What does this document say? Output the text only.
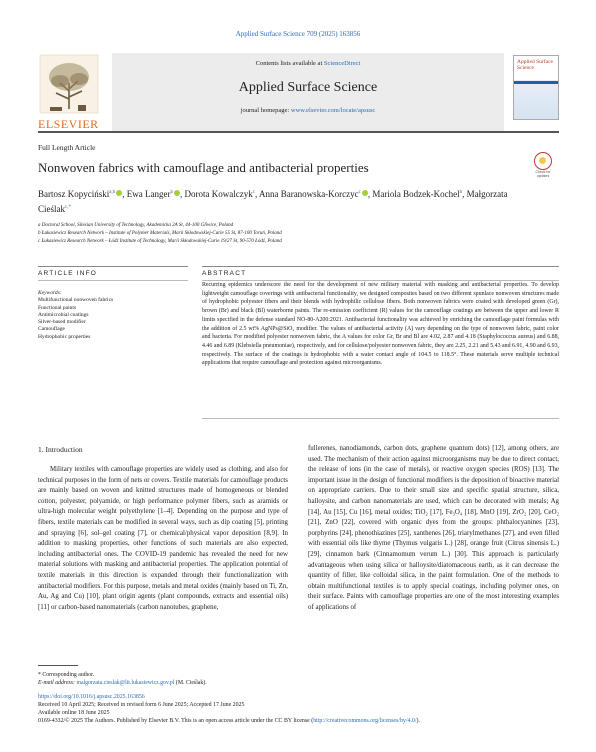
Applied Surface Science 709 (2025) 163856
ELSEVIER
Contents lists available at ScienceDirect
Applied Surface Science
journal homepage: www.elsevier.com/locate/apsusc
Applied Surface Science
Full Length Article
Nonwoven fabrics with camouflage and antibacterial properties	Check for updates
Bartosz Kopyciński$^{a,b}$ , Ewa Langer$^b$ , Dorota Kowalczyk$^c$, Anna Baranowska-Korczyc$^c$ , Mariola Bodzek-Kochel$^b$, Małgorzata Cieślak$^{c,*}$
a Doctoral School, Silesian University of Technology, Akademicka 2A St, 44-100 Gliwice, Poland
b Łukasiewicz Research Network – Institute of Polymer Materials, Marii Skłodowskiej-Curie 55 St, 87-100 Toruń, Poland
c Łukasiewicz Research Network – Łódź Institute of Technology, Marii Skłodowskiej-Curie 19/27 St, 90-570 Łódź, Poland
ARTICLE INFO	ABSTRACT
Keywords:
Multifunctional nonwoven fabrics
Functional paints
Antimicrobial coatings
Silver-based modifier
Camouflage
Hydrophobic properties
Recurring epidemics underscore the need for the development of new military material with masking and antibacterial properties. To develop lightweight camouflage coverings with antibacterial functionality, we designed composites based on two different spunlace nonwoven structures made of hydrophobic polyester fibers and their blends with hydrophilic cellulose fibers. Both nonwoven fabrics were coated with developed green (Gr), brown (Br) and black (Bl) waterborne paints. The re-emission coefficient (R) values for the camouflage coatings are between the upper and lower R limits specified in the defense standard NO-80-A200:2021. Antibacterial functionality was achieved by enriching the camouflage paint formulas with the addition of 2.5 wt% AgNPs@SiO₂ modifier. The values of antibacterial activity (A) vary depending on the type of nonwoven fabric, paint color and bacteria. For modified polyester nonwoven fabric, the A values for color Gr, Br and Bl are 4.02, 2.87 and 4.18 (Staphylococcus aureus) and 6.88, 4.46 and 6.89 (Klebsiella pneumoniae), respectively, and for cellulose/polyester nonwoven fabric, they are 2.25, 2.21 and 5.43 and 6.91, 4.90 and 6.93, respectively. The surface of the coatings is hydrophobic with a water contact angle of 104.5 to 118.5°. These materials serve multiple technical applications that require camouflage and protection against microorganisms.
1. Introduction
Military textiles with camouflage properties are widely used as clothing, and also for technical purposes in the form of nets or covers. Textile materials for camouflage products are mainly based on woven and knitted structures made of homogeneous or blended cotton, polyester, polyamide, or high performance polymer fibers, such as aramids or ultra-high molecular weight polyethylene [1–4]. Depending on the purpose and type of fibers, textile materials can be modified in several ways, such as dip coating [5], printing and spraying [6], sol–gel coating [7], or chemical/physical vapor deposition [8,9]. In addition to masking properties, other functions of such materials are also expected, including antibacterial ones. The COVID-19 pandemic has revealed the need for new material solutions with masking and antibacterial properties. The application potential of textile materials in this direction is expanded through their functionalization with antibacterial modifiers. For this purpose, metals and metal oxides (mainly based on Ti, Zn, Au, Ag and Cu) [10], plant origin agents (plant compounds, extracts and essential oils) [11] or carbon-based nanomaterials (carbon nanotubes, graphene,
fullerenes, nanodiamonds, carbon dots, graphene quantum dots) [12], among others, are used. The mechanism of their action against microorganisms may be due to direct contact, the release of ions (in the case of metals), or reactive oxygen species (ROS) [13]. The important issue in the design of functional modifiers is the deposition of bioactive material on appropriate carriers. Due to their small size and specific spatial structure, silica, halloysite, and carbon nanomaterials are used, which can be decorated with metals; Ag [14], Au [15], Cu [16], metal oxides; TiO₂ [17], Fe₃O₄ [18], MnO [19], ZrO₂ [20], CeO₂ [21], ZnO [22], covered with organic dyes from the groups: phthalocyanines [23], porphyrins [24], phenothiazines [25], xanthenes [26], triarylmethanes [27], and even filled with essential oils like thyme (Thymus vulgaris L.) [28], orange fruit (Citrus sinensis L.) [29], cinnamon bark (Cinnamomum verum L.) [30]. This approach is particularly advantageous when using silica or halloysite/diatomaceous earth, as it can decrease the quantity of filler, like colloidal silica, in the paint formulation. One of the methods to obtain multifunctional textiles is to apply special coatings, including polymer ones, on their surface. Paints with camouflage properties are one of the most interesting examples of applications of
* Corresponding author.
E-mail address: malgorzata.cieslak@lit.lukasiewicz.gov.pl (M. Cieślak).
https://doi.org/10.1016/j.apsusc.2025.163856
Received 10 April 2025; Received in revised form 6 June 2025; Accepted 17 June 2025
Available online 18 June 2025
0169-4332/© 2025 The Authors. Published by Elsevier B.V. This is an open access article under the CC BY license (http://creativecommons.org/licenses/by/4.0/).
